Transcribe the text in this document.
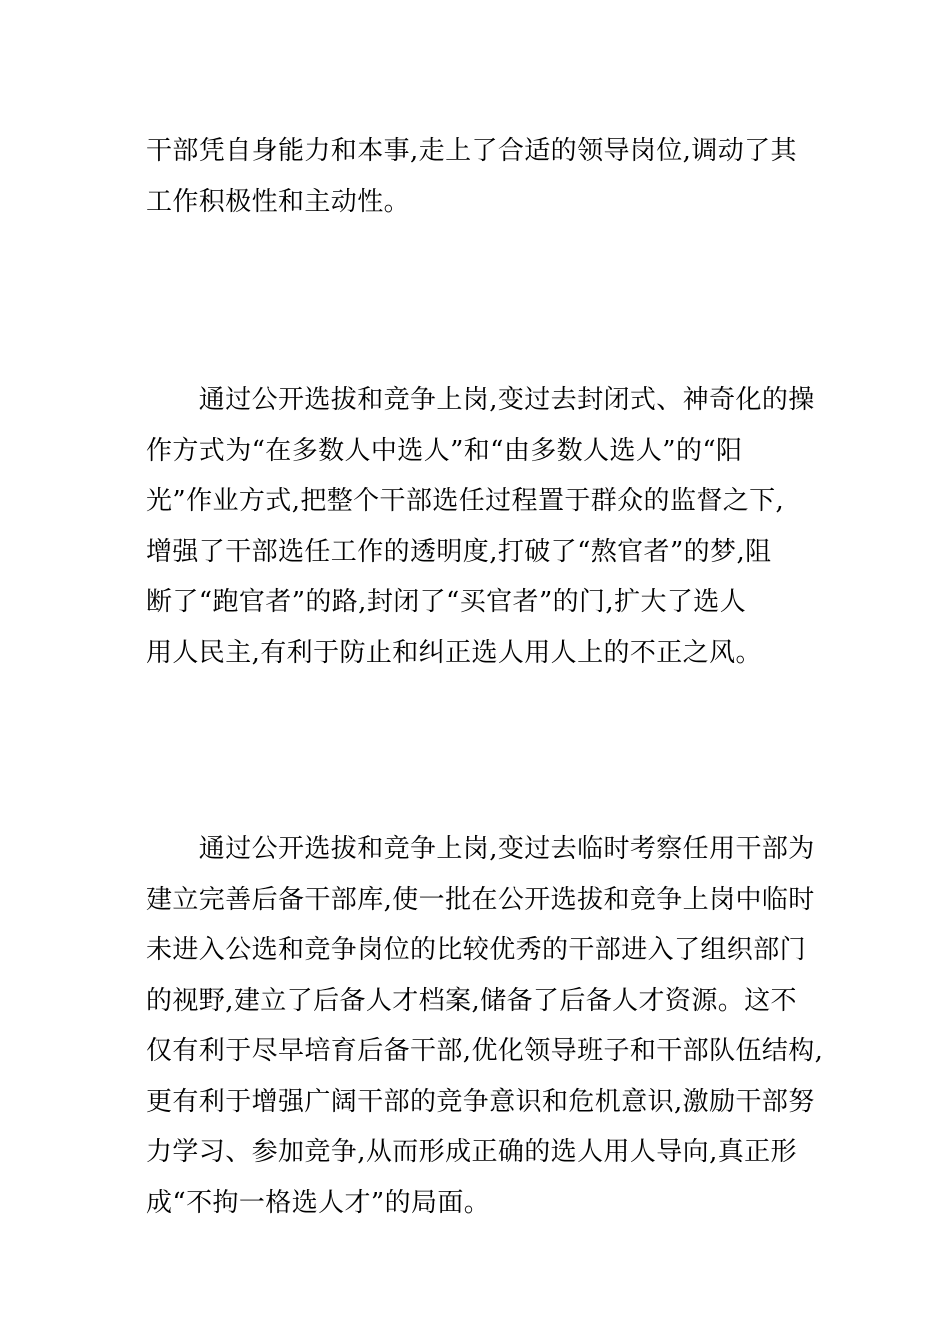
干部凭自身能力和本事,走上了合适的领导岗位,调动了其
工作积极性和主动性。
　　通过公开选拔和竞争上岗,变过去封闭式、神奇化的操
作方式为“在多数人中选人”和“由多数人选人”的“阳
光”作业方式,把整个干部选任过程置于群众的监督之下,
增强了干部选任工作的透明度,打破了“熬官者”的梦,阻
断了“跑官者”的路,封闭了“买官者”的门,扩大了选人
用人民主,有利于防止和纠正选人用人上的不正之风。
　　通过公开选拔和竞争上岗,变过去临时考察任用干部为
建立完善后备干部库,使一批在公开选拔和竞争上岗中临时
未进入公选和竞争岗位的比较优秀的干部进入了组织部门
的视野,建立了后备人才档案,储备了后备人才资源。这不
仅有利于尽早培育后备干部,优化领导班子和干部队伍结构,
更有利于增强广阔干部的竞争意识和危机意识,激励干部努
力学习、参加竞争,从而形成正确的选人用人导向,真正形
成“不拘一格选人才”的局面。
